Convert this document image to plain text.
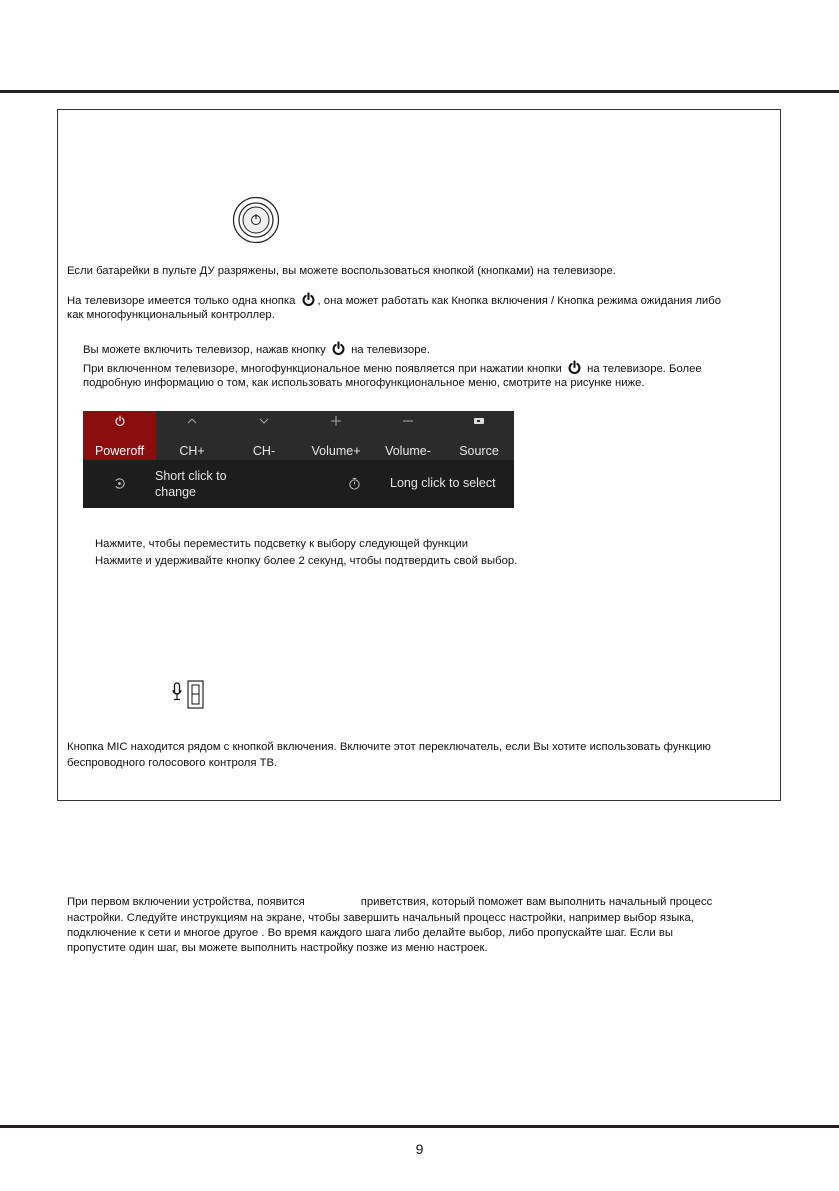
Если батарейки в пульте ДУ разряжены, вы можете воспользоваться кнопкой (кнопками) на телевизоре.
На телевизоре имеется только одна кнопка , она может работать как Кнопка включения / Кнопка режима ожидания либо
как многофункциональный контроллер.
Вы можете включить телевизор, нажав кнопку на телевизоре.
При включенном телевизоре, многофункциональное меню появляется при нажатии кнопки на телевизоре. Более
подробную информацию о том, как использовать многофункциональное меню, смотрите на рисунке ниже.
Poweroff	CH+	CH-	Volume+	Volume-	Source
Short click to
change
Long click to select
Нажмите, чтобы переместить подсветку к выбору следующей функции
Нажмите и удерживайте кнопку более 2 секунд, чтобы подтвердить свой выбор.
Кнопка MIC находится рядом с кнопкой включения. Включите этот переключатель, если Вы хотите использовать функцию
беспроводного голосового контроля ТВ.
При первом включении устройства, появится	приветствия, который поможет вам выполнить начальный процесс
настройки. Следуйте инструкциям на экране, чтобы завершить начальный процесс настройки, например выбор языка,
подключение к сети и многое другое . Во время каждого шага либо делайте выбор, либо пропускайте шаг. Если вы
пропустите один шаг, вы можете выполнить настройку позже из меню настроек.
9
